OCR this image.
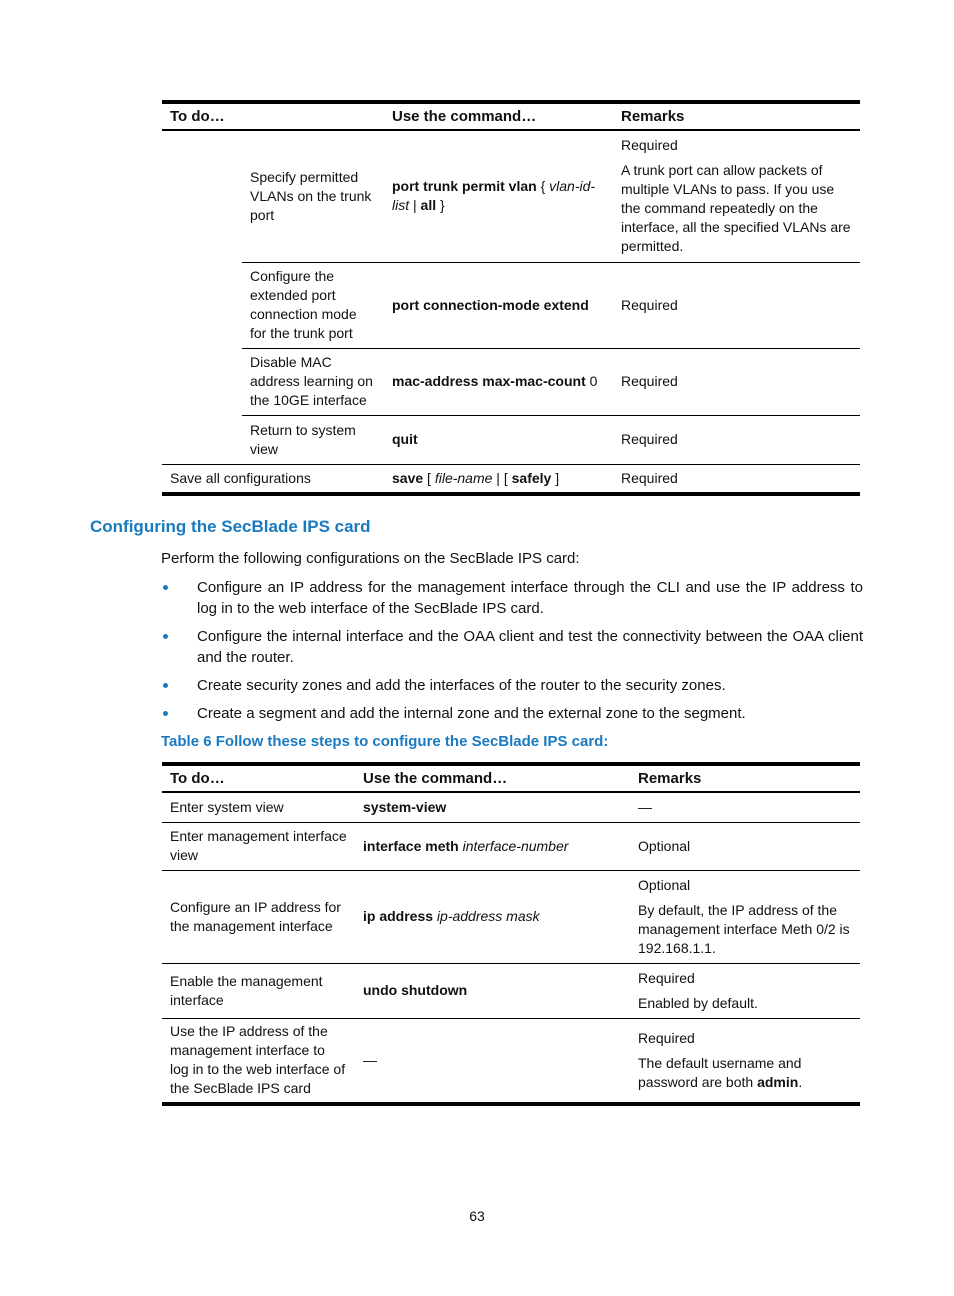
To do…		Use the command…	Remarks
	Specify permitted VLANs on the trunk port	port trunk permit vlan { vlan-id-list | all }	Required

A trunk port can allow packets of multiple VLANs to pass. If you use the command repeatedly on the interface, all the specified VLANs are permitted.

	Configure the extended port connection mode for the trunk port	port connection-mode extend	Required
	Disable MAC address learning on the 10GE interface	mac-address max-mac-count 0	Required
	Return to system view	quit	Required
Save all configurations		save [ file-name | [ safely ]	Required
Configuring the SecBlade IPS card
Perform the following configurations on the SecBlade IPS card:
Configure an IP address for the management interface through the CLI and use the IP address to log in to the web interface of the SecBlade IPS card.
Configure the internal interface and the OAA client and test the connectivity between the OAA client and the router.
Create security zones and add the interfaces of the router to the security zones.
Create a segment and add the internal zone and the external zone to the segment.
Table 6 Follow these steps to configure the SecBlade IPS card:
To do…	Use the command…	Remarks
Enter system view	system-view	—
Enter management interface view	interface meth interface-number	Optional
Configure an IP address for the management interface	ip address ip-address mask	Optional

By default, the IP address of the management interface Meth 0/2 is 192.168.1.1.

Enable the management interface	undo shutdown	Required

Enabled by default.

Use the IP address of the management interface to log in to the web interface of the SecBlade IPS card	—	Required

The default username and password are both admin.

63
